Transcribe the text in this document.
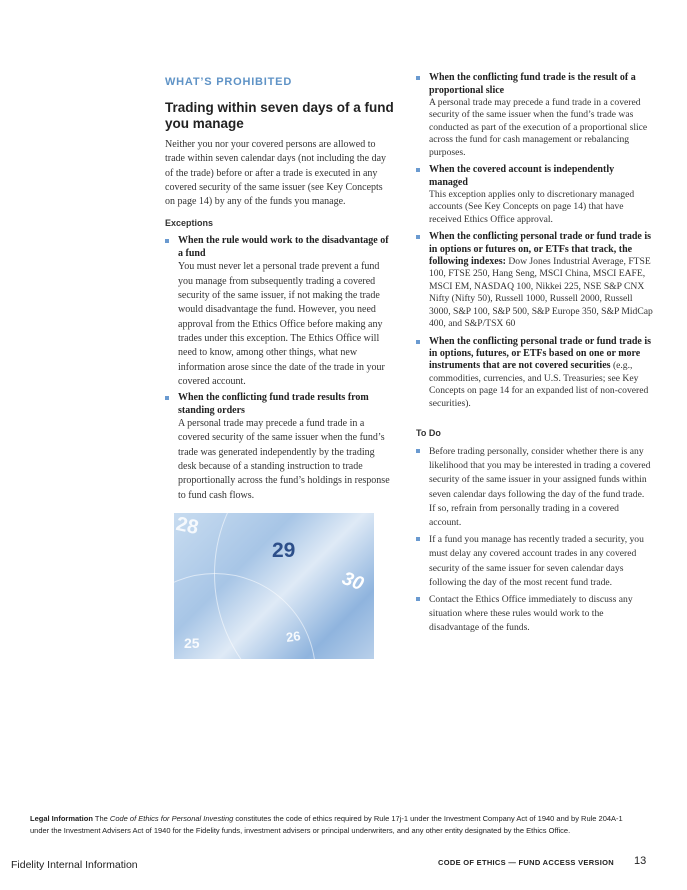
WHAT’S PROHIBITED
Trading within seven days of a fund you manage

Neither you nor your covered persons are allowed to trade within seven calendar days (not including the day of the trade) before or after a trade is executed in any covered security of the same issuer (see Key Concepts on page 14) by any of the funds you manage.

Exceptions
When the rule would work to the disadvantage of a fund
You must never let a personal trade prevent a fund you manage from subsequently trading a covered security of the same issuer, if not making the trade would disadvantage the fund. However, you need approval from the Ethics Office before making any trades under this exception. The Ethics Office will need to know, among other things, what new information arose since the date of the trade in your covered account.
When the conflicting fund trade results from standing orders
A personal trade may precede a fund trade in a covered security of the same issuer when the fund’s trade was generated independently by the trading desk because of a standing instruction to trade proportionally across the fund’s holdings in response to fund cash flows.
28
29
30
25	26
When the conflicting fund trade is the result of a proportional slice
A personal trade may precede a fund trade in a covered security of the same issuer when the fund’s trade was conducted as part of the execution of a proportional slice across the fund for cash management or rebalancing purposes.
When the covered account is independently managed
This exception applies only to discretionary managed accounts (See Key Concepts on page 14) that have received Ethics Office approval.
When the conflicting personal trade or fund trade is in options or futures on, or ETFs that track, the following indexes: Dow Jones Industrial Average, FTSE 100, FTSE 250, Hang Seng, MSCI China, MSCI EAFE, MSCI EM, NASDAQ 100, Nikkei 225, NSE S&P CNX Nifty (Nifty 50), Russell 1000, Russell 2000, Russell 3000, S&P 100, S&P 500, S&P Europe 350, S&P MidCap 400, and S&P/TSX 60
When the conflicting personal trade or fund trade is in options, futures, or ETFs based on one or more instruments that are not covered securities (e.g., commodities, currencies, and U.S. Treasuries; see Key Concepts on page 14 for an expanded list of non-covered securities).
To Do
Before trading personally, consider whether there is any likelihood that you may be interested in trading a covered security of the same issuer in your assigned funds within seven calendar days following the day of the fund trade. If so, refrain from personally trading in a covered account.
If a fund you manage has recently traded a security, you must delay any covered account trades in any covered security of the same issuer for seven calendar days following the day of the most recent fund trade.
Contact the Ethics Office immediately to discuss any situation where these rules would work to the disadvantage of the funds.
Legal Information The Code of Ethics for Personal Investing constitutes the code of ethics required by Rule 17j-1 under the Investment Company Act of 1940 and by Rule 204A-1 under the Investment Advisers Act of 1940 for the Fidelity funds, investment advisers or principal underwriters, and any other entity designated by the Ethics Office.
Fidelity Internal Information	CODE OF ETHICS — FUND ACCESS VERSION 13
